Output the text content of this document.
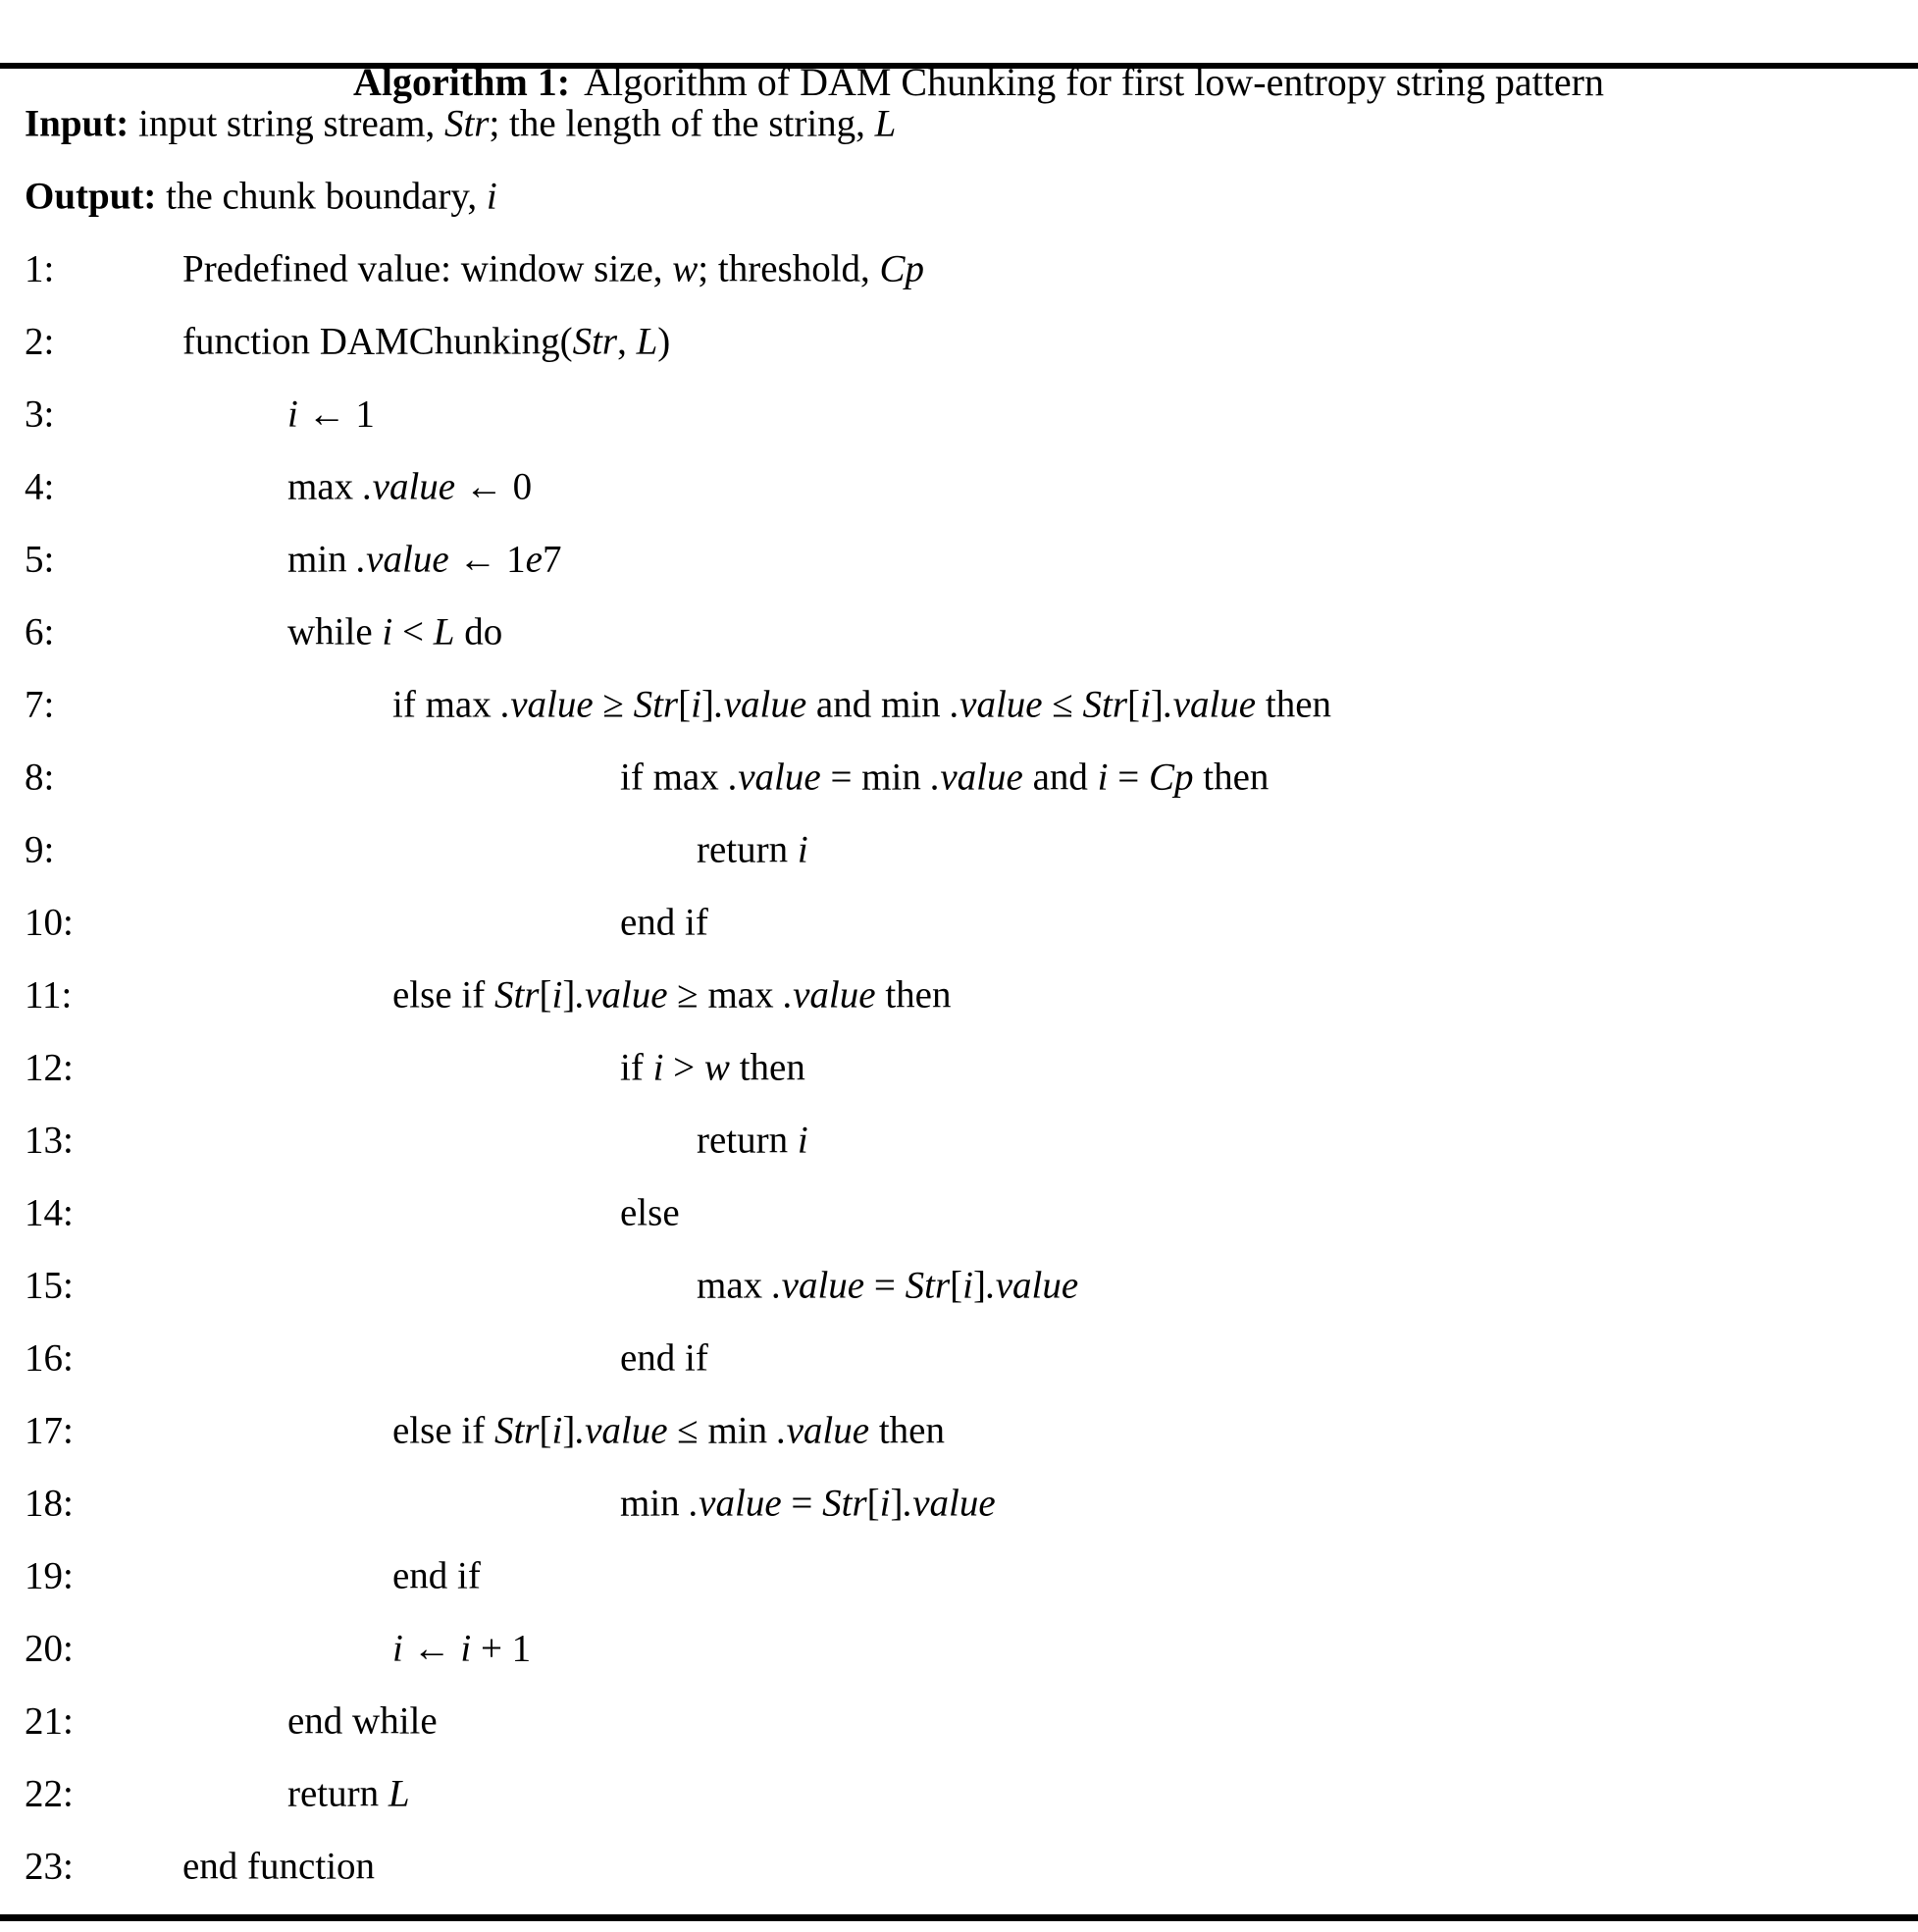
Algorithm 1: Algorithm of DAM Chunking for first low-entropy string pattern

Input: input string stream, Str; the length of the string, L
Output: the chunk boundary, i
1:	Predefined value: window size, w; threshold, Cp
2:	function DAMChunking(Str, L)
3:	i ← 1
4:	max .value ← 0
5:	min .value ← 1e7
6:	while i < L do
7:	if max .value ≥ Str[i].value and min .value ≤ Str[i].value then
8:	if max .value = min .value and i = Cp then
9:	return i
10:	end if
11:	else if Str[i].value ≥ max .value then
12:	if i > w then
13:	return i
14:	else
15:	max .value = Str[i].value
16:	end if
17:	else if Str[i].value ≤ min .value then
18:	min .value = Str[i].value
19:	end if
20:	i ← i + 1
21:	end while
22:	return L
23:	end function
